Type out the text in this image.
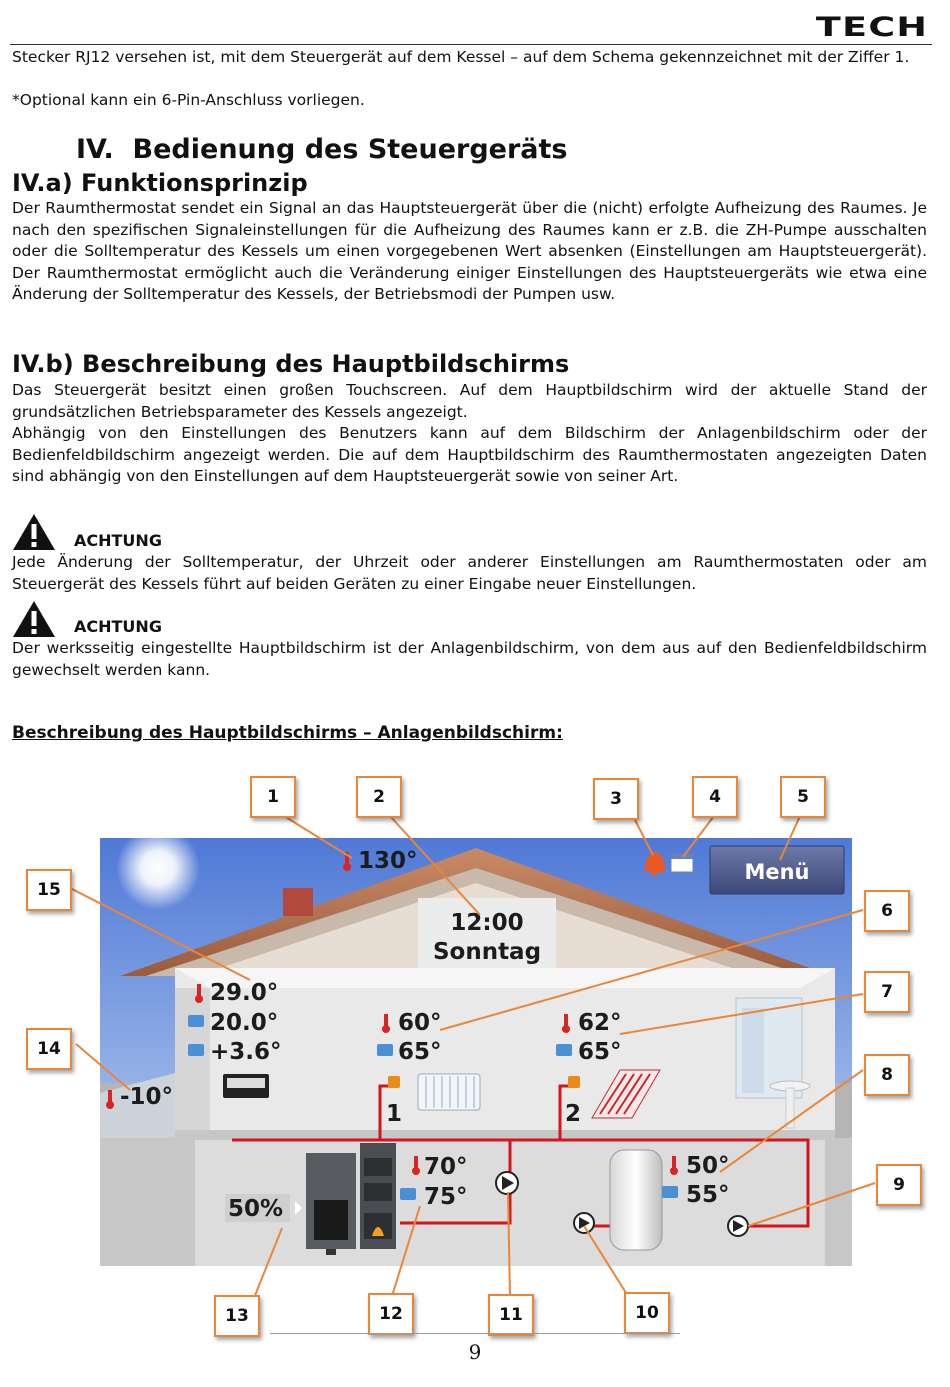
TECH

Stecker RJ12 versehen ist, mit dem Steuergerät auf dem Kessel – auf dem Schema gekennzeichnet mit der Ziffer 1.

*Optional kann ein 6-Pin-Anschluss vorliegen.

IV. Bedienung des Steuergeräts
IV.a) Funktionsprinzip

Der Raumthermostat sendet ein Signal an das Hauptsteuergerät über die (nicht) erfolgte Aufheizung des Raumes. Je nach den spezifischen Signaleinstellungen für die Aufheizung des Raumes kann er z.B. die ZH-Pumpe ausschalten oder die Solltemperatur des Kessels um einen vorgegebenen Wert absenken (Einstellungen am Hauptsteuergerät). Der Raumthermostat ermöglicht auch die Veränderung einiger Einstellungen des Hauptsteuergeräts wie etwa eine Änderung der Solltemperatur des Kessels, der Betriebsmodi der Pumpen usw.

IV.b) Beschreibung des Hauptbildschirms

Das Steuergerät besitzt einen großen Touchscreen. Auf dem Hauptbildschirm wird der aktuelle Stand der grundsätzlichen Betriebsparameter des Kessels angezeigt.

Abhängig von den Einstellungen des Benutzers kann auf dem Bildschirm der Anlagenbildschirm oder der Bedienfeldbildschirm angezeigt werden. Die auf dem Hauptbildschirm des Raumthermostaten angezeigten Daten sind abhängig von den Einstellungen auf dem Hauptsteuergerät sowie von seiner Art.

ACHTUNG

Jede Änderung der Solltemperatur, der Uhrzeit oder anderer Einstellungen am Raumthermostaten oder am Steuergerät des Kessels führt auf beiden Geräten zu einer Eingabe neuer Einstellungen.

ACHTUNG

Der werksseitig eingestellte Hauptbildschirm ist der Anlagenbildschirm, von dem aus auf den Bedienfeldbildschirm gewechselt werden kann.

Beschreibung des Hauptbildschirms – Anlagenbildschirm:
Menü
130°
12:00
Sonntag
29.0°
20.0°
+3.6°
-10°
60°
65°
1
62°
65°
2
70°
75°
50%
50°
55°
1	2	3	4	5
6
7
8
9
10
11
12
13
14
15
9
